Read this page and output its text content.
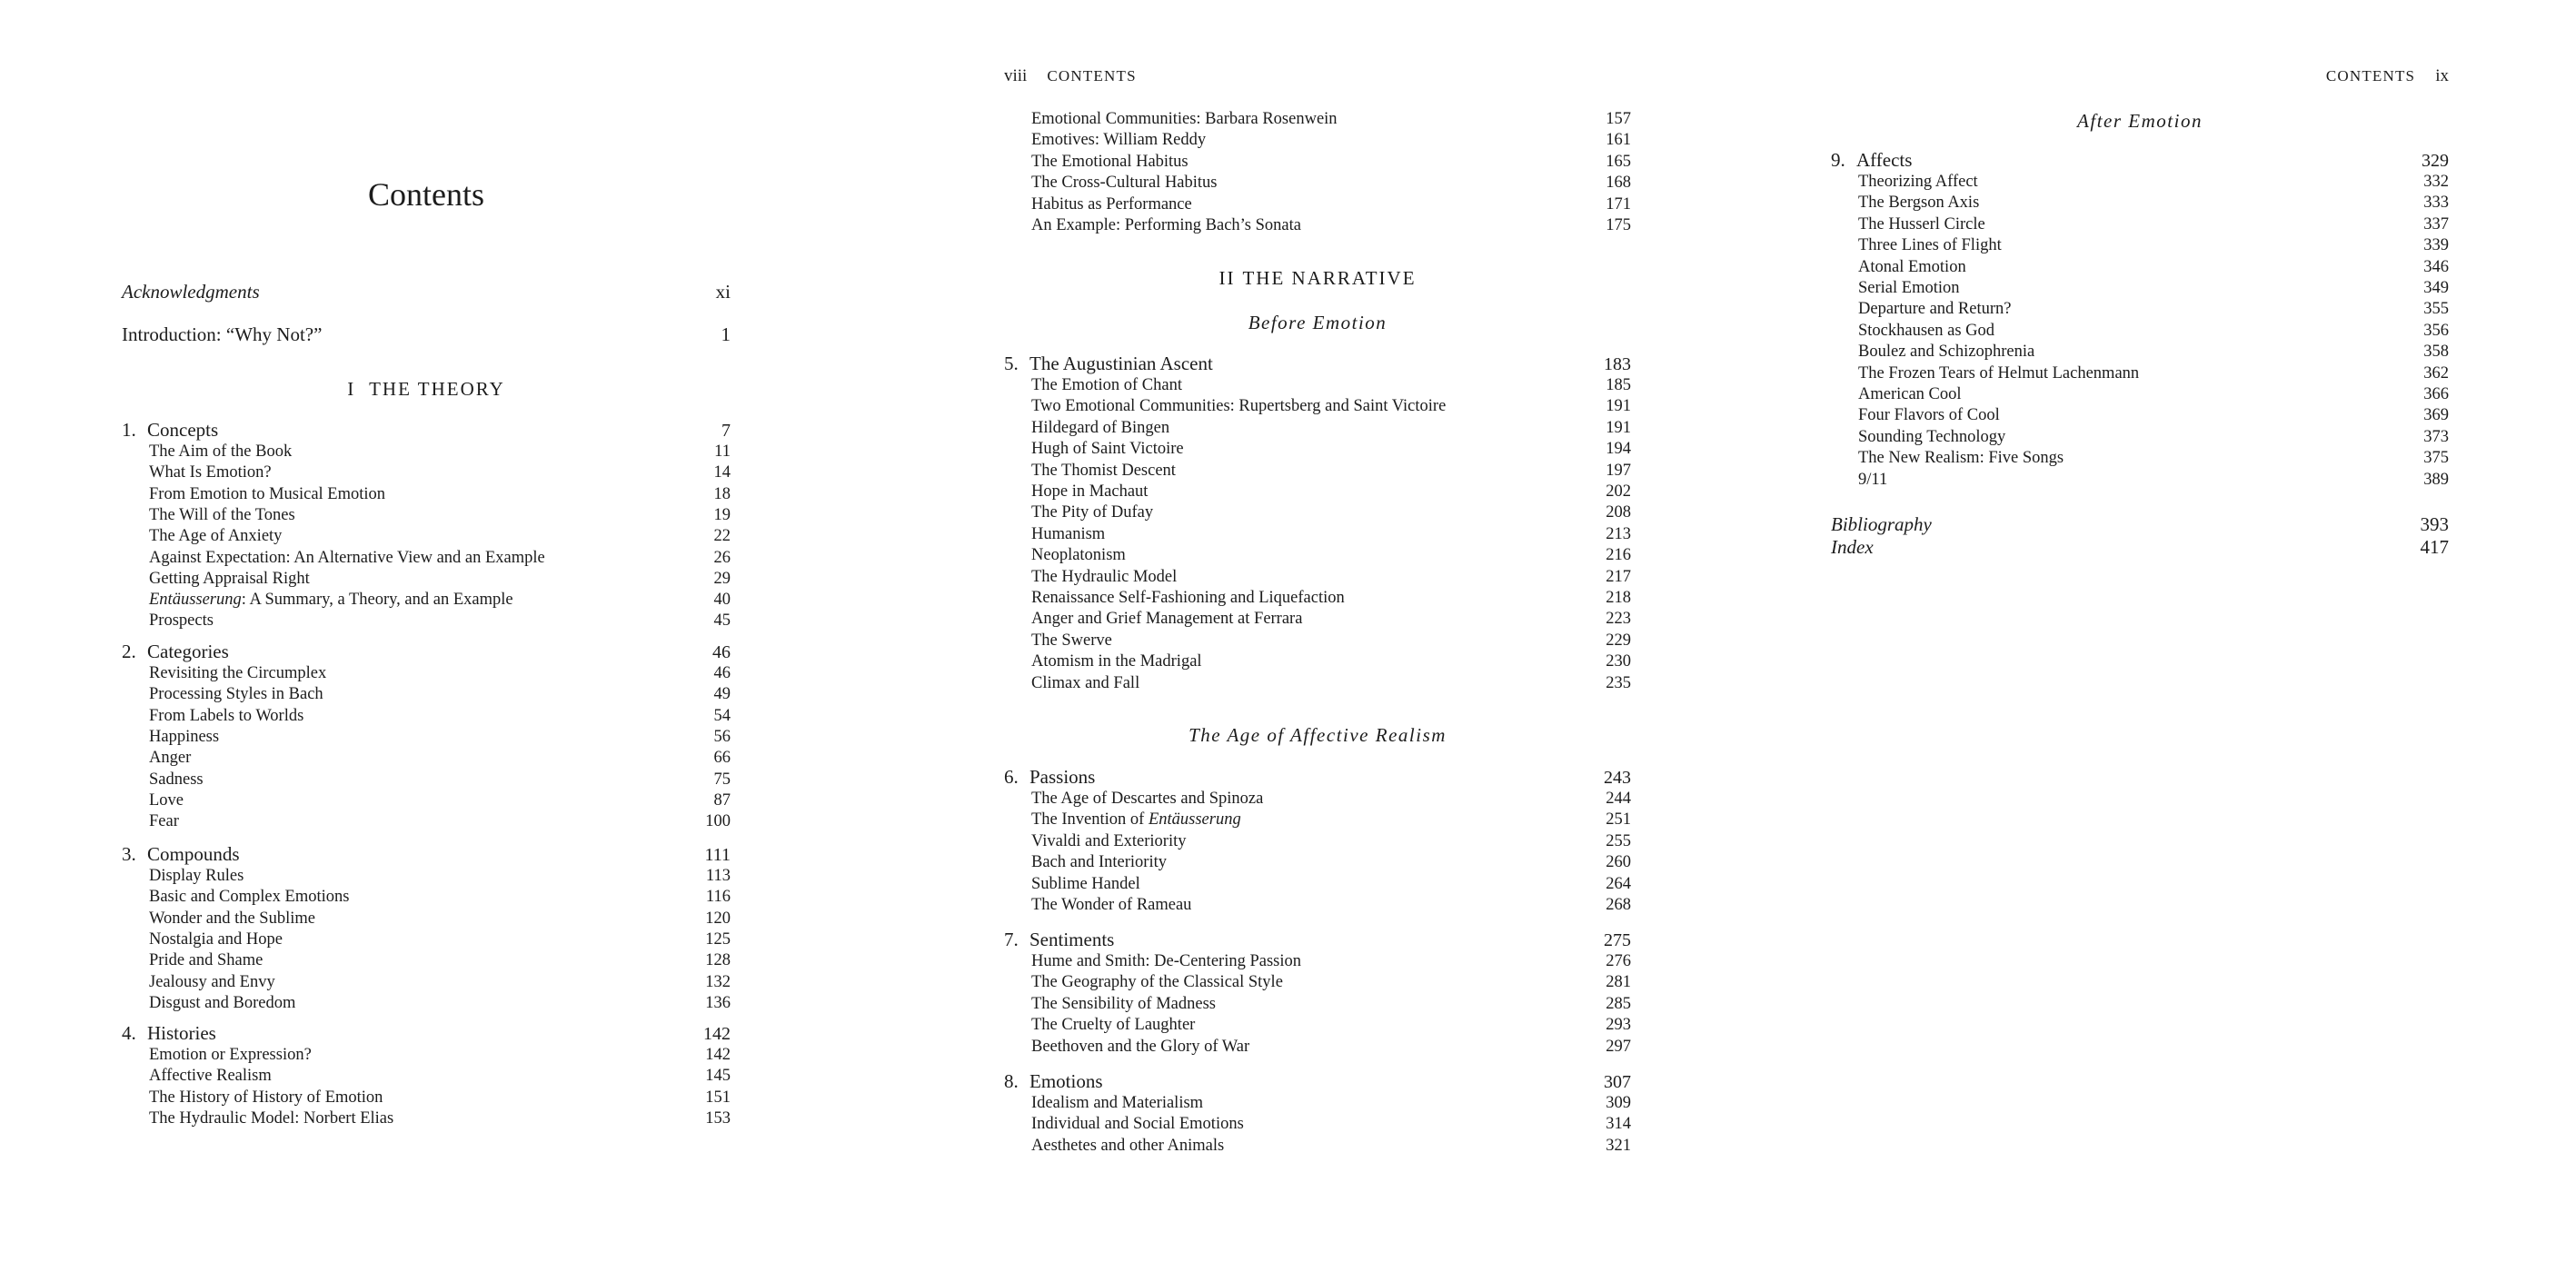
Contents
Acknowledgments	xi
Introduction: “Why Not?”	1
I THE THEORY
1. Concepts	7
The Aim of the Book	11
What Is Emotion?	14
From Emotion to Musical Emotion	18
The Will of the Tones	19
The Age of Anxiety	22
Against Expectation: An Alternative View and an Example	26
Getting Appraisal Right	29
Entäusserung: A Summary, a Theory, and an Example	40
Prospects	45
2. Categories	46
Revisiting the Circumplex	46
Processing Styles in Bach	49
From Labels to Worlds	54
Happiness	56
Anger	66
Sadness	75
Love	87
Fear	100
3. Compounds	111
Display Rules	113
Basic and Complex Emotions	116
Wonder and the Sublime	120
Nostalgia and Hope	125
Pride and Shame	128
Jealousy and Envy	132
Disgust and Boredom	136
4. Histories	142
Emotion or Expression?	142
Affective Realism	145
The History of History of Emotion	151
The Hydraulic Model: Norbert Elias	153
viii CONTENTS
Emotional Communities: Barbara Rosenwein	157
Emotives: William Reddy	161
The Emotional Habitus	165
The Cross-Cultural Habitus	168
Habitus as Performance	171
An Example: Performing Bach’s Sonata	175
II THE NARRATIVE
Before Emotion
5. The Augustinian Ascent	183
The Emotion of Chant	185
Two Emotional Communities: Rupertsberg and Saint Victoire	191
Hildegard of Bingen	191
Hugh of Saint Victoire	194
The Thomist Descent	197
Hope in Machaut	202
The Pity of Dufay	208
Humanism	213
Neoplatonism	216
The Hydraulic Model	217
Renaissance Self-Fashioning and Liquefaction	218
Anger and Grief Management at Ferrara	223
The Swerve	229
Atomism in the Madrigal	230
Climax and Fall	235
The Age of Affective Realism
6. Passions	243
The Age of Descartes and Spinoza	244
The Invention of Entäusserung	251
Vivaldi and Exteriority	255
Bach and Interiority	260
Sublime Handel	264
The Wonder of Rameau	268
7. Sentiments	275
Hume and Smith: De-Centering Passion	276
The Geography of the Classical Style	281
The Sensibility of Madness	285
The Cruelty of Laughter	293
Beethoven and the Glory of War	297
8. Emotions	307
Idealism and Materialism	309
Individual and Social Emotions	314
Aesthetes and other Animals	321
CONTENTS ix
After Emotion
9. Affects	329
Theorizing Affect	332
The Bergson Axis	333
The Husserl Circle	337
Three Lines of Flight	339
Atonal Emotion	346
Serial Emotion	349
Departure and Return?	355
Stockhausen as God	356
Boulez and Schizophrenia	358
The Frozen Tears of Helmut Lachenmann	362
American Cool	366
Four Flavors of Cool	369
Sounding Technology	373
The New Realism: Five Songs	375
9/11	389
Bibliography	393
Index	417
